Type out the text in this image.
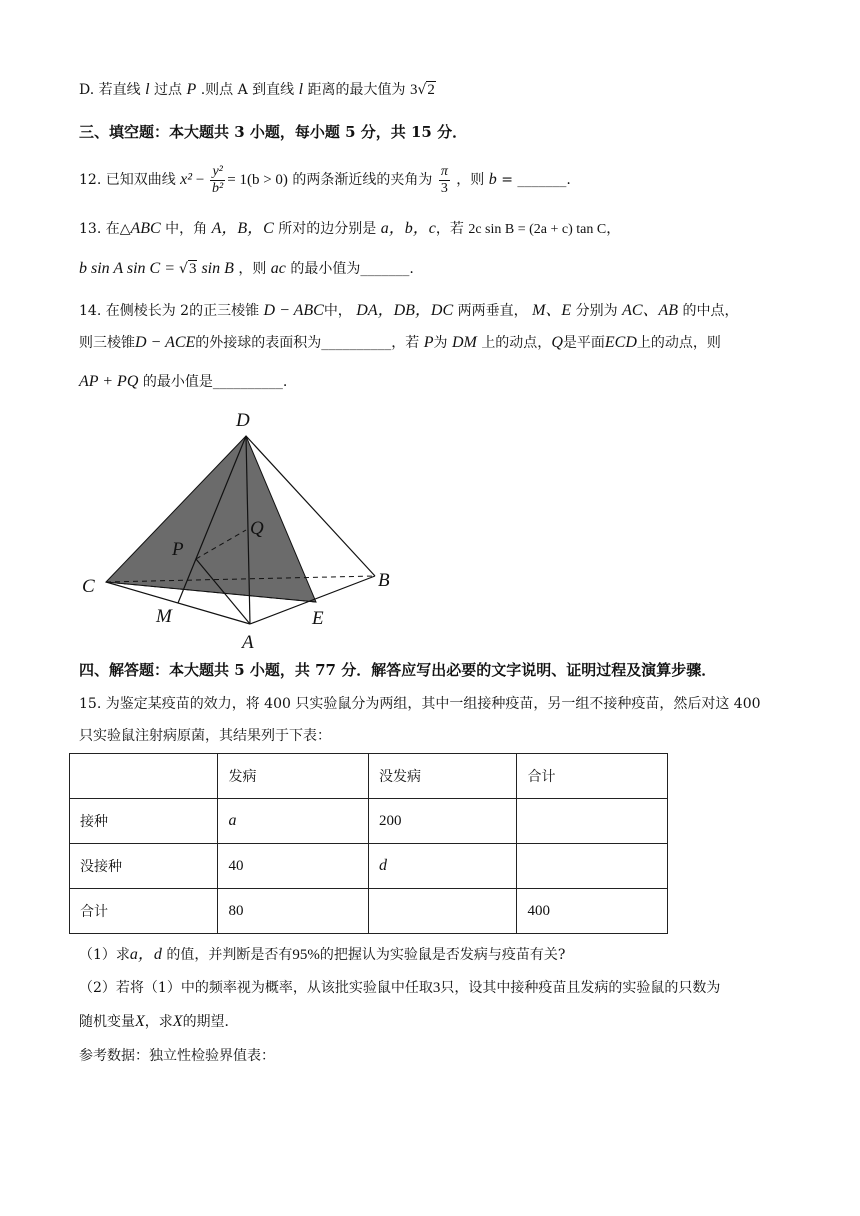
D. 若直线 l 过点 P .则点 A 到直线 l 距离的最大值为 3√2
三、填空题：本大题共 3 小题，每小题 5 分，共 15 分．
12. 已知双曲线 $x^2 - \frac{\text{y²}}{\text{b²}} = 1(b > 0)$ 的两条渐近线的夹角为 $\frac{\pi}{3}$ ，则 b = _______.
13. 在△ABC 中，角 A，B，C 所对的边分别是 a，b，c，若 2c sin B = (2a + c) tan C，
b sin A sin C = √3 sin B ，则 ac 的最小值为_______.
14. 在侧棱长为 2的正三棱锥 D − ABC中， DA，DB，DC 两两垂直， M、E 分别为 AC、AB 的中点，
则三棱锥D − ACE的外接球的表面积为__________，若 P为 DM 上的动点，Q是平面ECD上的动点，则
AP + PQ 的最小值是__________.
D
Q
P
C	B
M
A
E
四、解答题：本大题共 5 小题，共 77 分．解答应写出必要的文字说明、证明过程及演算步骤．
15. 为鉴定某疫苗的效力，将 400 只实验鼠分为两组，其中一组接种疫苗，另一组不接种疫苗，然后对这 400
只实验鼠注射病原菌，其结果列于下表：
	发病	没发病	合计
接种	a	200	
没接种	40	d	
合计	80		400
（1）求a，d 的值，并判断是否有95%的把握认为实验鼠是否发病与疫苗有关?
（2）若将（1）中的频率视为概率，从该批实验鼠中任取3只，设其中接种疫苗且发病的实验鼠的只数为
随机变量X，求X的期望．
参考数据：独立性检验界值表：
